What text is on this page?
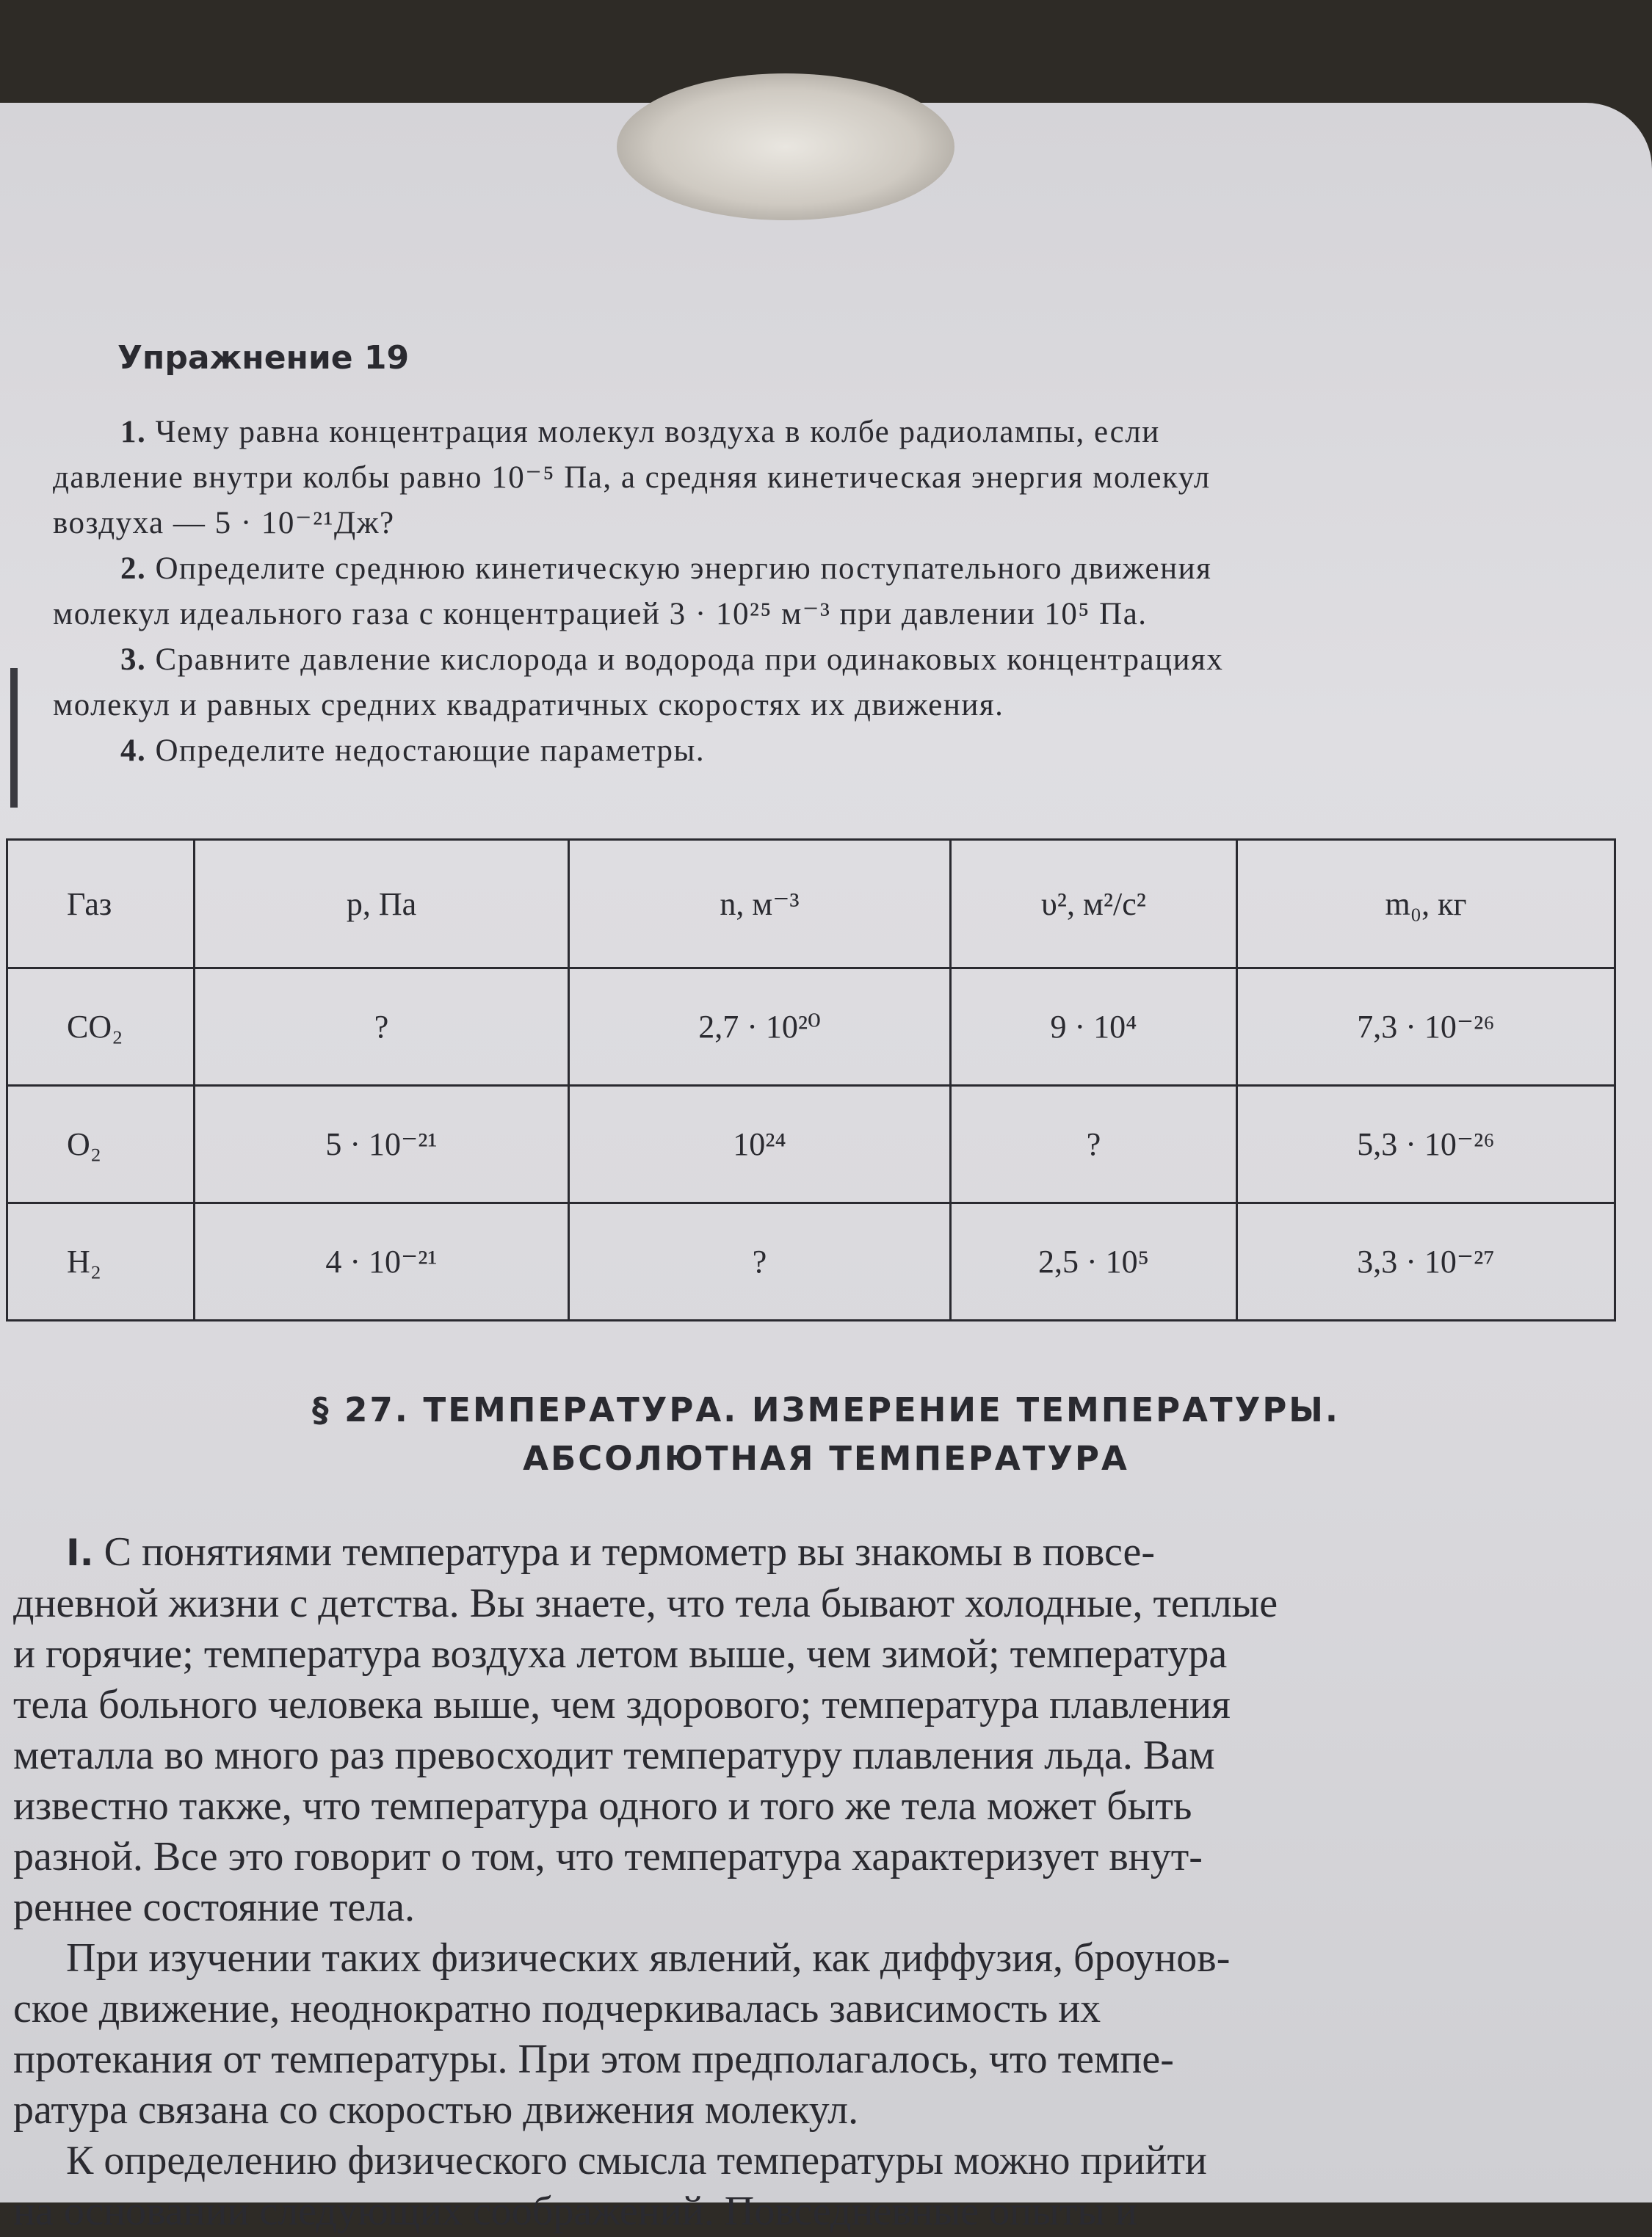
Упражнение 19

1. Чему равна концентрация молекул воздуха в колбе радиолампы, если
давление внутри колбы равно 10⁻⁵ Па, а средняя кинетическая энергия молекул
воздуха — 5 · 10⁻²¹Дж?

2. Определите среднюю кинетическую энергию поступательного движения
молекул идеального газа с концентрацией 3 · 10²⁵ м⁻³ при давлении 10⁵ Па.

3. Сравните давление кислорода и водорода при одинаковых концентрациях
молекул и равных средних квадратичных скоростях их движения.

4. Определите недостающие параметры.

Газ	p, Па	n, м⁻³	υ², м²/с²	m₀, кг
CO₂	?	2,7 · 10²⁰	9 · 10⁴	7,3 · 10⁻²⁶
O₂	5 · 10⁻²¹	10²⁴	?	5,3 · 10⁻²⁶
H₂	4 · 10⁻²¹	?	2,5 · 10⁵	3,3 · 10⁻²⁷
§ 27. ТЕМПЕРАТУРА. ИЗМЕРЕНИЕ ТЕМПЕРАТУРЫ.
АБСОЛЮТНАЯ ТЕМПЕРАТУРА

I. С понятиями температура и термометр вы знакомы в повсе-
дневной жизни с детства. Вы знаете, что тела бывают холодные, теплые
и горячие; температура воздуха летом выше, чем зимой; температура
тела больного человека выше, чем здорового; температура плавления
металла во много раз превосходит температуру плавления льда. Вам
известно также, что температура одного и того же тела может быть
разной. Все это говорит о том, что температура характеризует внут-
реннее состояние тела.

При изучении таких физических явлений, как диффузия, броунов-
ское движение, неоднократно подчеркивалась зависимость их
протекания от температуры. При этом предполагалось, что темпе-
ратура связана со скоростью движения молекул.

К определению физического смысла температуры можно прийти
на основании следующих соображений. Повседневные опыты и
